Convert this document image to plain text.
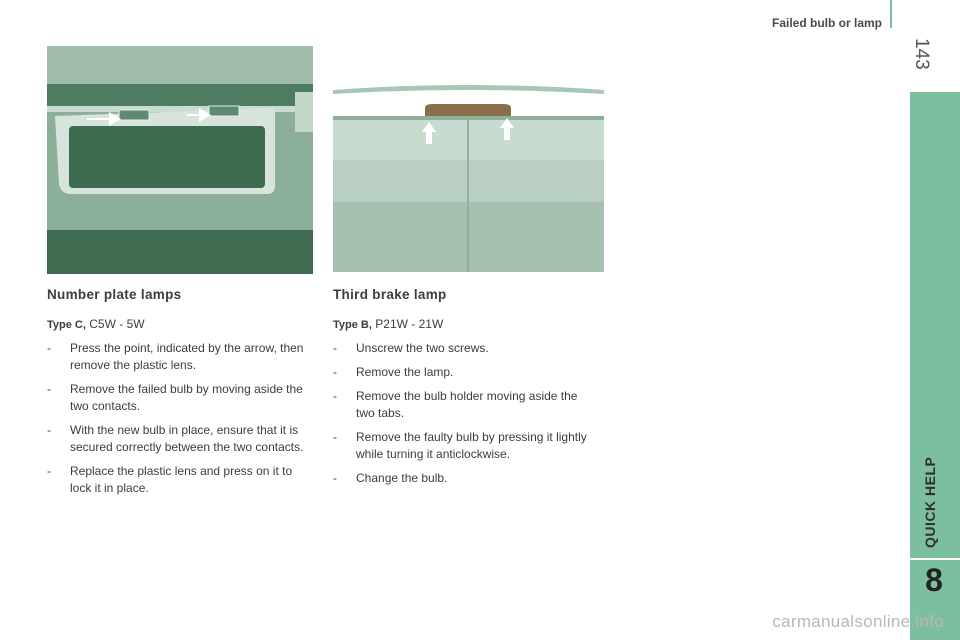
Failed bulb or lamp
143
QUICK HELP
8
Number plate lamps	Third brake lamp

Type C, C5W - 5W

- Press the point, indicated by the arrow, then remove the plastic lens.
- Remove the failed bulb by moving aside the two contacts.
- With the new bulb in place, ensure that it is secured correctly between the two contacts.
- Replace the plastic lens and press on it to lock it in place.

Type B, P21W - 21W

- Unscrew the two screws.
- Remove the lamp.
- Remove the bulb holder moving aside the two tabs.
- Remove the faulty bulb by pressing it lightly while turning it anticlockwise.
- Change the bulb.
carmanualsonline.info
